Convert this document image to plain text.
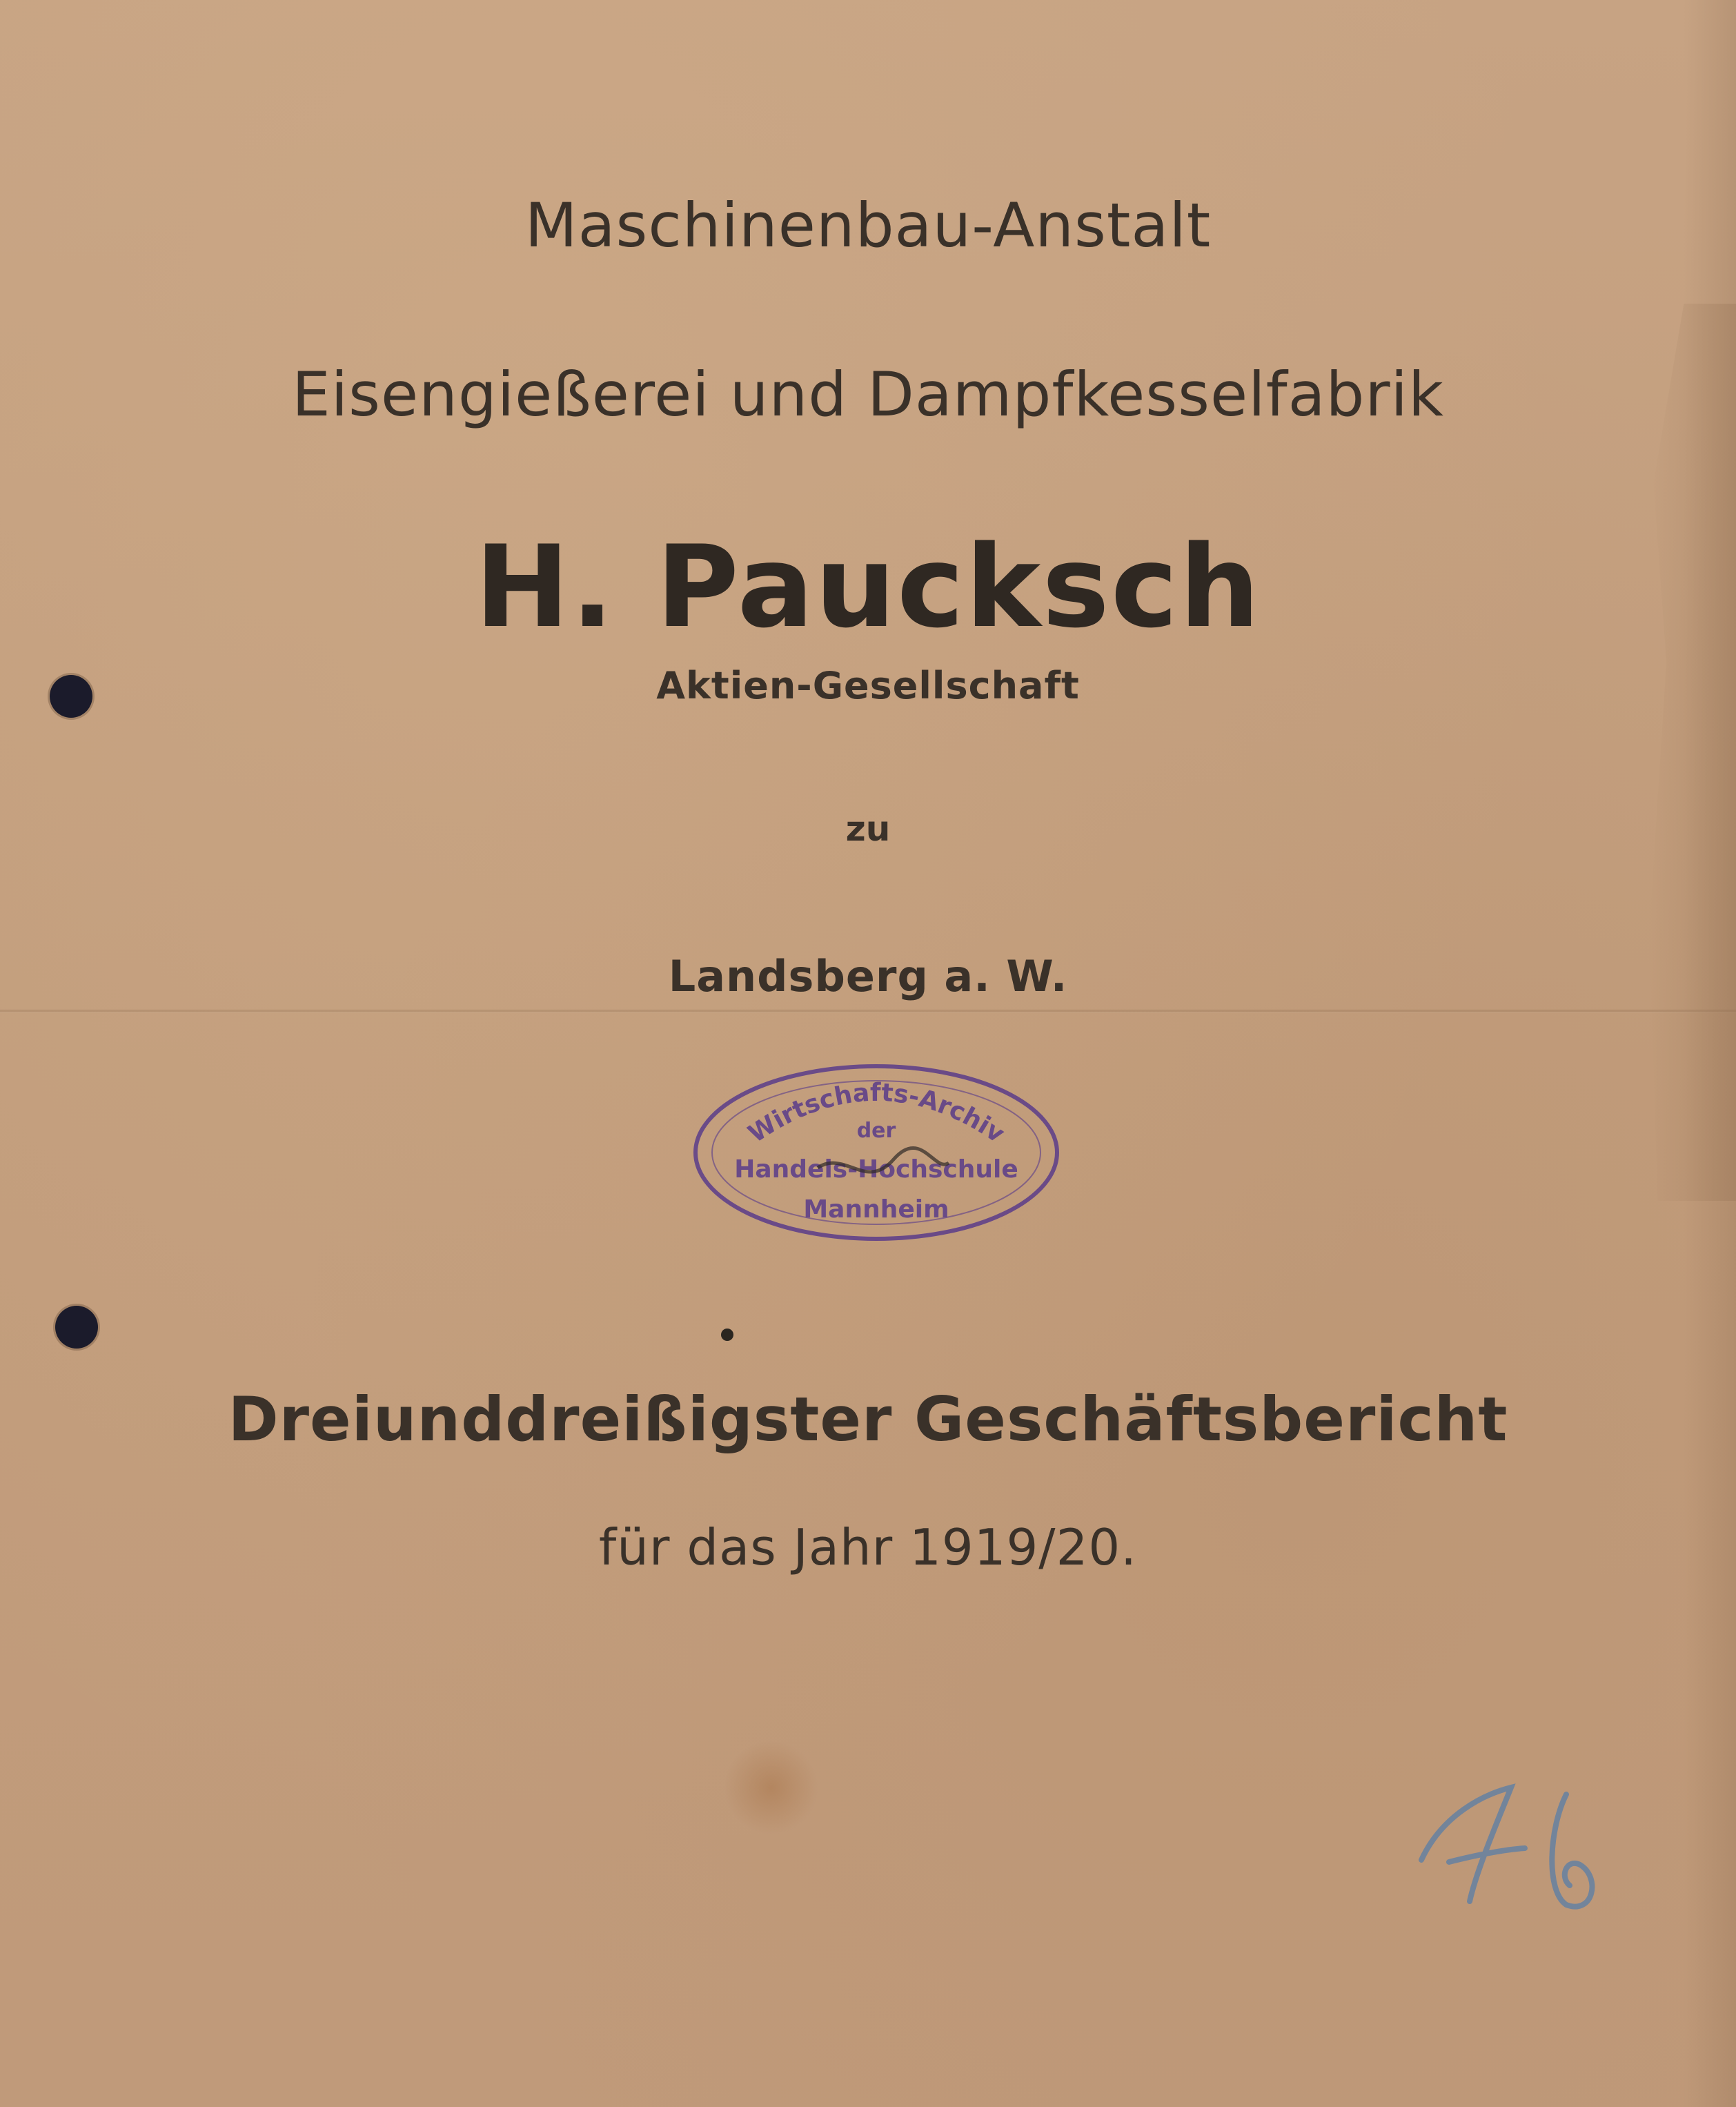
Maschinenbau-Anstalt
Eisengießerei und Dampfkesselfabrik
H. Paucksch
Aktien-Gesellschaft
zu
Landsberg a. W.
Wirtschafts-Archiv
der
Handels-Hochschule
Mannheim
Dreiunddreißigster Geschäftsbericht
für das Jahr 1919/20.
